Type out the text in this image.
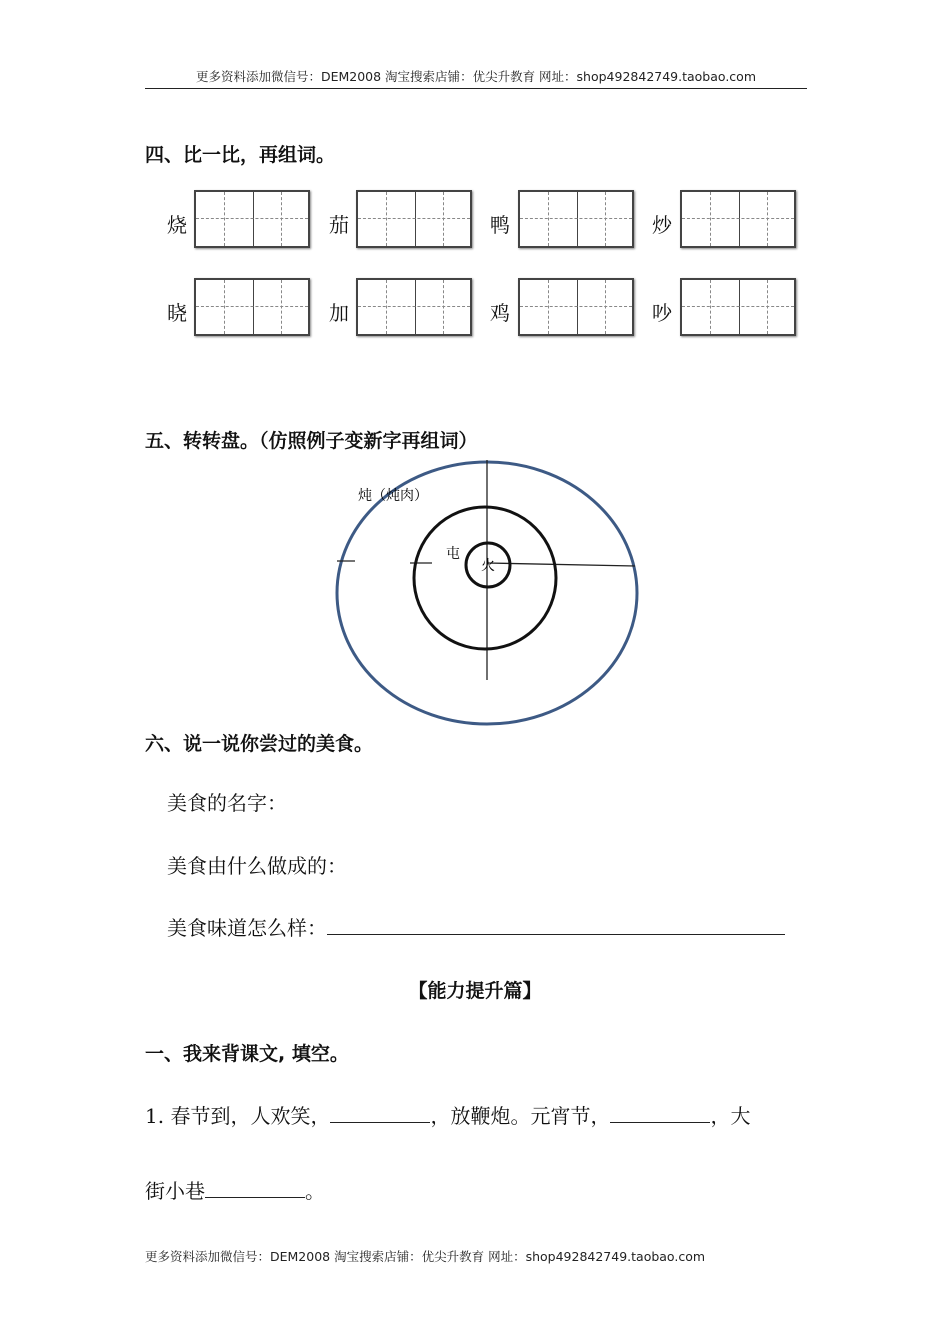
更多资料添加微信号：DEM2008 淘宝搜索店铺：优尖升教育 网址：shop492842749.taobao.com
四、比一比，再组词。
烧	茄	鸭	炒
晓	加	鸡	吵
五、转转盘。（仿照例子变新字再组词）
炖（炖肉）
屯
火
六、说一说你尝过的美食。
美食的名字：
美食由什么做成的：
美食味道怎么样：
【能力提升篇】
一、我来背课文, 填空。
1. 春节到，人欢笑，	，放鞭炮。元宵节，	，大
街小巷	。
更多资料添加微信号：DEM2008 淘宝搜索店铺：优尖升教育 网址：shop492842749.taobao.com
